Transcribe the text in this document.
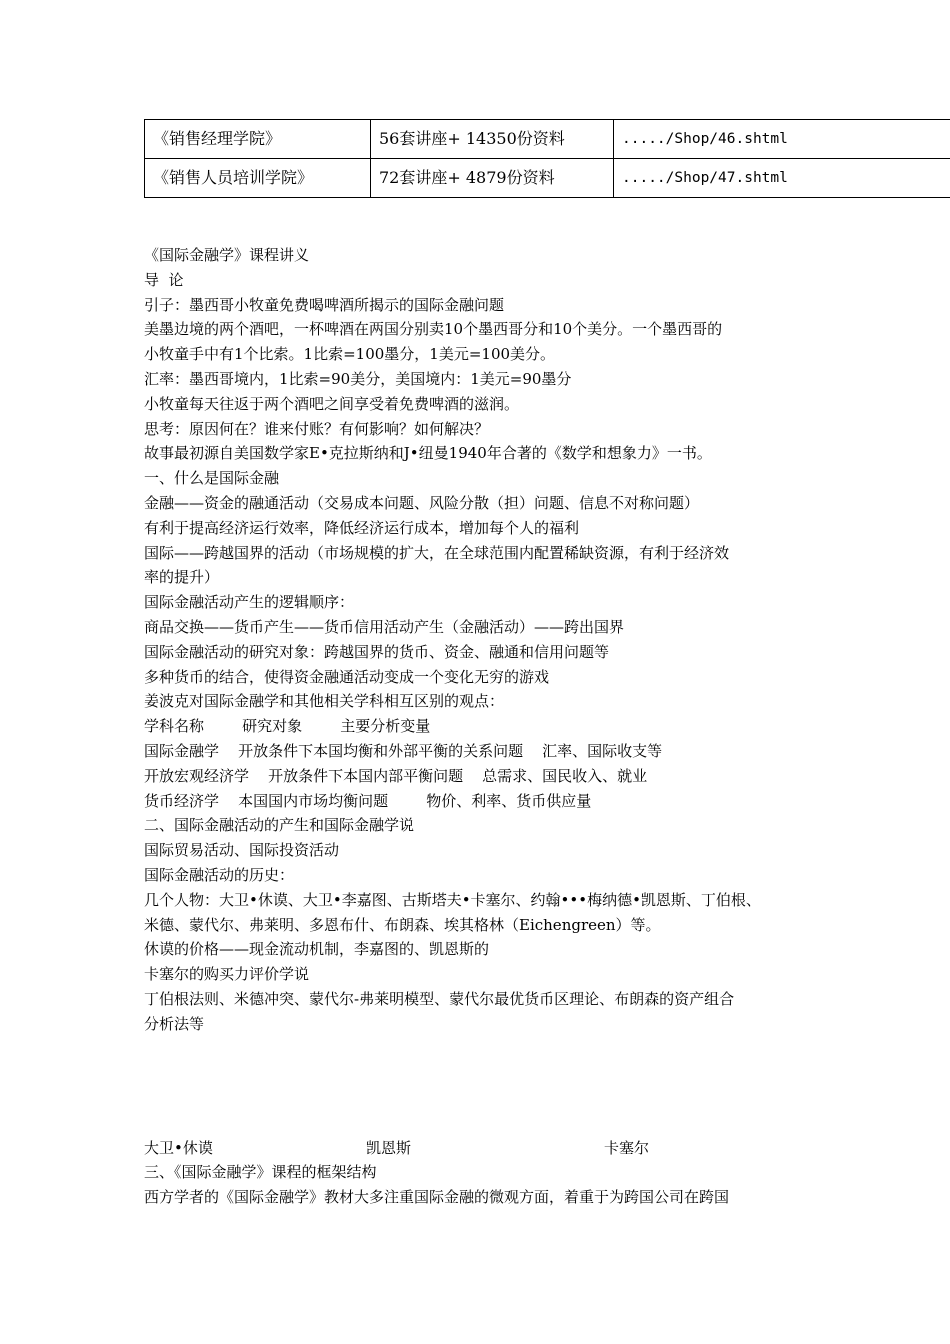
《销售经理学院》	56套讲座+ 14350份资料	...../Shop/46.shtml
《销售人员培训学院》	72套讲座+ 4879份资料	...../Shop/47.shtml

《国际金融学》课程讲义

导  论

引子：墨西哥小牧童免费喝啤酒所揭示的国际金融问题

美墨边境的两个酒吧，一杯啤酒在两国分别卖10个墨西哥分和10个美分。一个墨西哥的

小牧童手中有1个比索。1比索=100墨分，1美元=100美分。

汇率：墨西哥境内，1比索=90美分，美国境内：1美元=90墨分

小牧童每天往返于两个酒吧之间享受着免费啤酒的滋润。

思考：原因何在？谁来付账？有何影响？如何解决？

故事最初源自美国数学家E•克拉斯纳和J•纽曼1940年合著的《数学和想象力》一书。

一、什么是国际金融

金融——资金的融通活动（交易成本问题、风险分散（担）问题、信息不对称问题）

有利于提高经济运行效率，降低经济运行成本，增加每个人的福利

国际——跨越国界的活动（市场规模的扩大，在全球范围内配置稀缺资源，有利于经济效

率的提升）

国际金融活动产生的逻辑顺序：

商品交换——货币产生——货币信用活动产生（金融活动）——跨出国界

国际金融活动的研究对象：跨越国界的货币、资金、融通和信用问题等

多种货币的结合，使得资金融通活动变成一个变化无穷的游戏

姜波克对国际金融学和其他相关学科相互区别的观点：

学科名称        研究对象        主要分析变量

国际金融学    开放条件下本国均衡和外部平衡的关系问题    汇率、国际收支等

开放宏观经济学    开放条件下本国内部平衡问题    总需求、国民收入、就业

货币经济学    本国国内市场均衡问题        物价、利率、货币供应量

二、国际金融活动的产生和国际金融学说

国际贸易活动、国际投资活动

国际金融活动的历史：

几个人物：大卫•休谟、大卫•李嘉图、古斯塔夫•卡塞尔、约翰•••梅纳德•凯恩斯、丁伯根、

米德、蒙代尔、弗莱明、多恩布什、布朗森、埃其格林（Eichengreen）等。

休谟的价格——现金流动机制，李嘉图的、凯恩斯的

卡塞尔的购买力评价学说

丁伯根法则、米德冲突、蒙代尔-弗莱明模型、蒙代尔最优货币区理论、布朗森的资产组合

分析法等

大卫•休谟	凯恩斯	卡塞尔

三、《国际金融学》课程的框架结构

西方学者的《国际金融学》教材大多注重国际金融的微观方面，着重于为跨国公司在跨国
